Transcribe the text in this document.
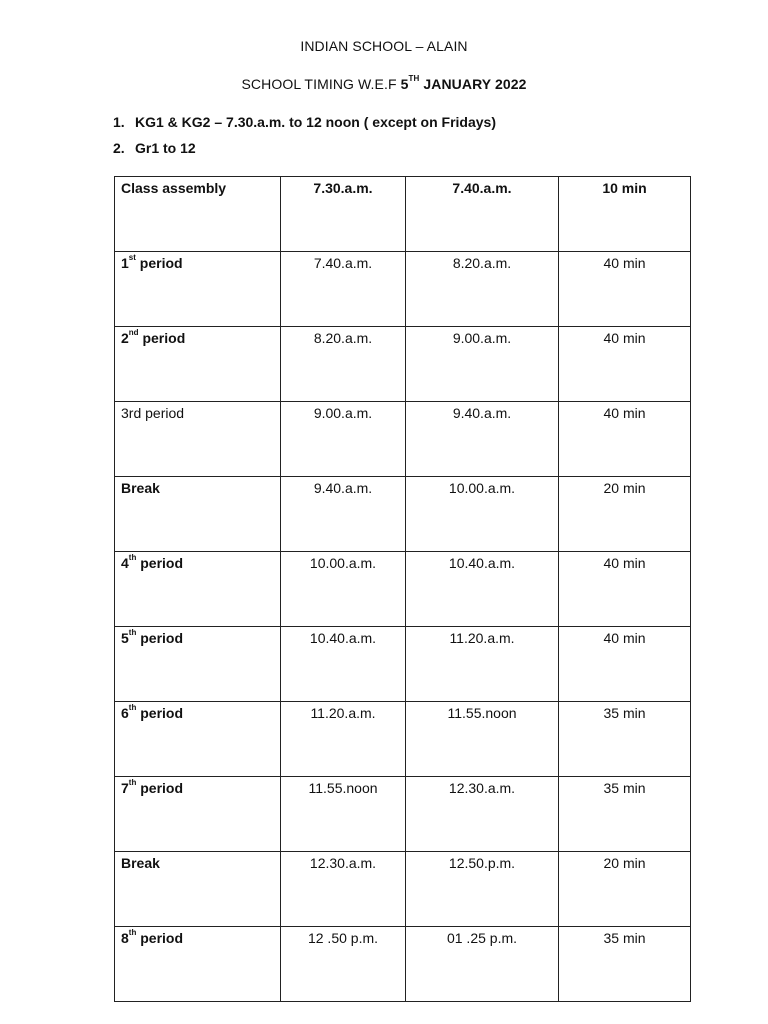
INDIAN SCHOOL – ALAIN
SCHOOL TIMING W.E.F 5TH JANUARY 2022
1. KG1 & KG2 – 7.30.a.m. to 12 noon ( except on Fridays)
2. Gr1 to 12
Class assembly	7.30.a.m.	7.40.a.m.	10 min
1st period	7.40.a.m.	8.20.a.m.	40 min
2nd period	8.20.a.m.	9.00.a.m.	40 min
3rd period	9.00.a.m.	9.40.a.m.	40 min
Break	9.40.a.m.	10.00.a.m.	20 min
4th period	10.00.a.m.	10.40.a.m.	40 min
5th period	10.40.a.m.	11.20.a.m.	40 min
6th period	11.20.a.m.	11.55.noon	35 min
7th period	11.55.noon	12.30.a.m.	35 min
Break	12.30.a.m.	12.50.p.m.	20 min
8th period	12 .50 p.m.	01 .25 p.m.	35 min
